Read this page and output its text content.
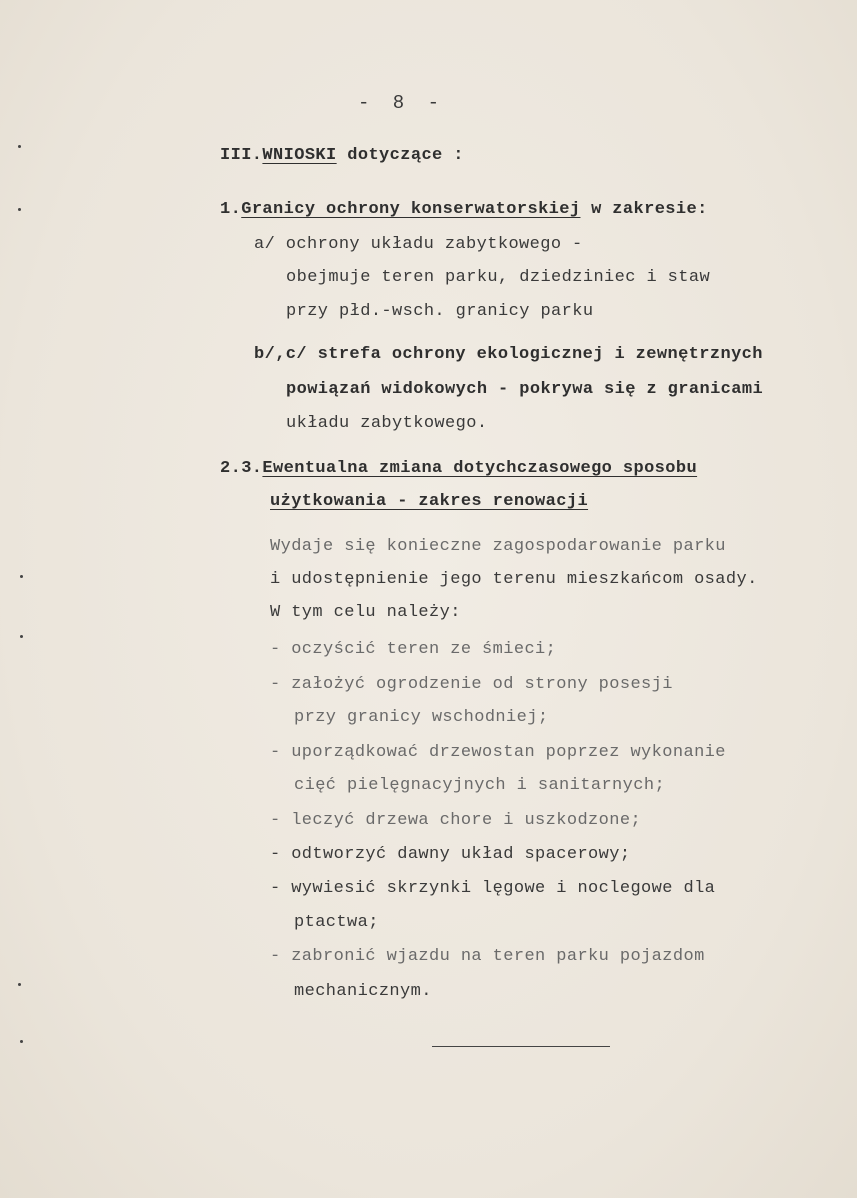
- 8 -
III.WNIOSKI dotyczące :
1.Granicy ochrony konserwatorskiej w zakresie:
a/ ochrony układu zabytkowego -
obejmuje teren parku, dziedziniec i staw
przy płd.-wsch. granicy parku
b/,c/ strefa ochrony ekologicznej i zewnętrznych
powiązań widokowych - pokrywa się z granicami
układu zabytkowego.
2.3.Ewentualna zmiana dotychczasowego sposobu
użytkowania - zakres renowacji
Wydaje się konieczne zagospodarowanie parku
i udostępnienie jego terenu mieszkańcom osady.
W tym celu należy:
- oczyścić teren ze śmieci;
- założyć ogrodzenie od strony posesji
przy granicy wschodniej;
- uporządkować drzewostan poprzez wykonanie
cięć pielęgnacyjnych i sanitarnych;
- leczyć drzewa chore i uszkodzone;
- odtworzyć dawny układ spacerowy;
- wywiesić skrzynki lęgowe i noclegowe dla
ptactwa;
- zabronić wjazdu na teren parku pojazdom
mechanicznym.
